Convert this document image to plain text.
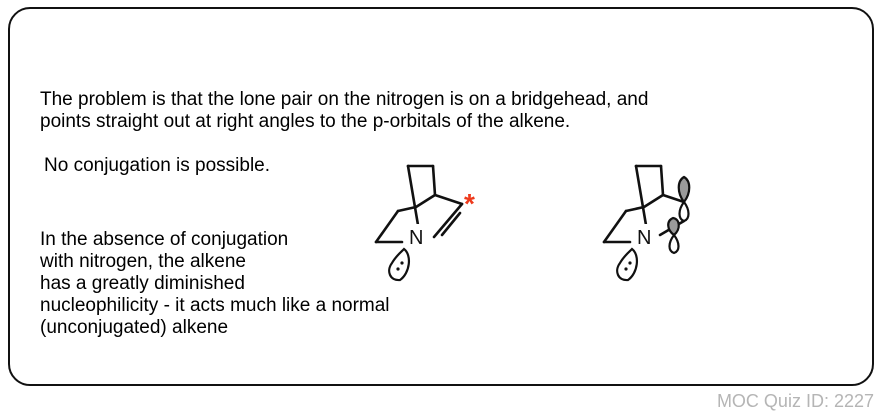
The problem is that the lone pair on the nitrogen is on a bridgehead, and
points straight out at right angles to the p-orbitals of the alkene.
No conjugation is possible.
In the absence of conjugation
with nitrogen, the alkene
has a greatly diminished
nucleophilicity - it acts much like a normal
(unconjugated) alkene
N
*
N
MOC Quiz ID: 2227
